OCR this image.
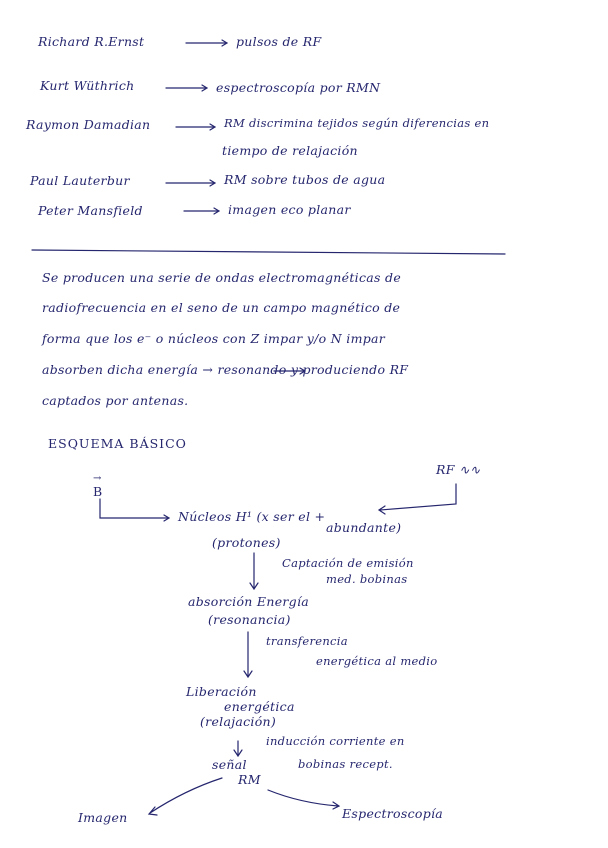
Richard R.Ernst	pulsos de RF
Kurt Wüthrich	espectroscopía por RMN
Raymon Damadian	RM discrimina tejidos según diferencias en
tiempo de relajación
Paul Lauterbur	RM sobre tubos de agua
Peter Mansfield	imagen eco planar
Se producen una serie de ondas electromagnéticas de
radiofrecuencia en el seno de un campo magnético de
forma que los e⁻ o núcleos con Z impar y/o N impar
absorben dicha energía → resonando y produciendo RF
captados por antenas.
ESQUEMA BÁSICO
RF ∿∿
→
B
Núcleos H¹ (x ser el +
abundante)
(protones)
Captación de emisión
med. bobinas
absorción Energía
(resonancia)
transferencia
energética al medio
Liberación
energética
(relajación)
inducción corriente en
bobinas recept.
señal
RM
Imagen	Espectroscopía
